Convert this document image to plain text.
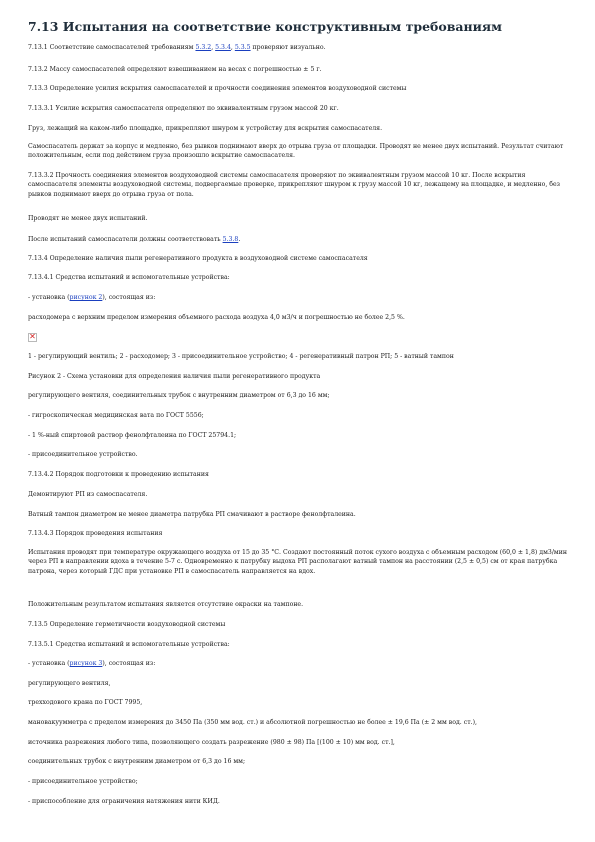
7.13 Испытания на соответствие конструктивным требованиям

7.13.1 Соответствие самоспасателей требованиям 5.3.2, 5.3.4, 5.3.5 проверяют визуально.

7.13.2 Массу самоспасателей определяют взвешиванием на весах с погрешностью ± 5 г.

7.13.3 Определение усилия вскрытия самоспасателей и прочности соединения элементов воздуховодной системы

7.13.3.1 Усилие вскрытия самоспасателя определяют по эквивалентным грузом массой 20 кг.

Груз, лежащий на каком-либо площадке, прикрепляют шнуром к устройству для вскрытия самоспасателя.

Самоспасатель держат за корпус и медленно, без рывков поднимают вверх до отрыва груза от площадки. Проводят не менее двух испытаний. Результат считают положительным, если под действием груза произошло вскрытие самоспасателя.

7.13.3.2 Прочность соединения элементов воздуховодной системы самоспасателя проверяют по эквивалентным грузом массой 10 кг. После вскрытия самоспасателя элементы воздуховодной системы, подвергаемые проверке, прикрепляют шнуром к грузу массой 10 кг, лежащему на площадке, и медленно, без рывков поднимают вверх до отрыва груза от пола.

Проводят не менее двух испытаний.

После испытаний самоспасатели должны соответствовать 5.3.8.

7.13.4 Определение наличия пыли регенеративного продукта в воздуховодной системе самоспасателя

7.13.4.1 Средства испытаний и вспомогательные устройства:

- установка (рисунок 2), состоящая из:

расходомера с верхним пределом измерения объемного расхода воздуха 4,0 м3/ч и погрешностью не более 2,5 %.

✕

1 - регулирующий вентиль; 2 - расходомер; 3 - присоединительное устройство; 4 - регенеративный патрон РП; 5 - ватный тампон

Рисунок 2 - Схема установки для определения наличия пыли регенеративного продукта

регулирующего вентиля, соединительных трубок с внутренним диаметром от 6,3 до 16 мм;

- гигроскопическая медицинская вата по ГОСТ 5556;

- 1 %-ный спиртовой раствор фенолфталеина по ГОСТ 25794.1;

- присоединительное устройство.

7.13.4.2 Порядок подготовки к проведению испытания

Демонтируют РП из самоспасателя.

Ватный тампон диаметром не менее диаметра патрубка РП смачивают в растворе фенолфталеина.

7.13.4.3 Порядок проведения испытания

Испытания проводят при температуре окружающего воздуха от 15 до 35 °С. Создают постоянный поток сухого воздуха с объемным расходом (60,0 ± 1,8) дм3/мин через РП в направлении вдоха в течение 5-7 с. Одновременно к патрубку выдоха РП располагают ватный тампон на расстоянии (2,5 ± 0,5) см от края патрубка патрона, через который ГДС при установке РП в самоспасатель направляется на вдох.

Положительным результатом испытания является отсутствие окраски на тампоне.

7.13.5 Определение герметичности воздуховодной системы

7.13.5.1 Средства испытаний и вспомогательные устройства:

- установка (рисунок 3), состоящая из:

регулирующего вентиля,

трехходового крана по ГОСТ 7995,

мановакуумметра с пределом измерения до 3450 Па (350 мм вод. ст.) и абсолютной погрешностью не более ± 19,6 Па (± 2 мм вод. ст.),

источника разрежения любого типа, позволяющего создать разрежение (980 ± 98) Па [(100 ± 10) мм вод. ст.],

соединительных трубок с внутренним диаметром от 6,3 до 16 мм;

- присоединительное устройство;

- приспособление для ограничения натяжения нити КИД.
